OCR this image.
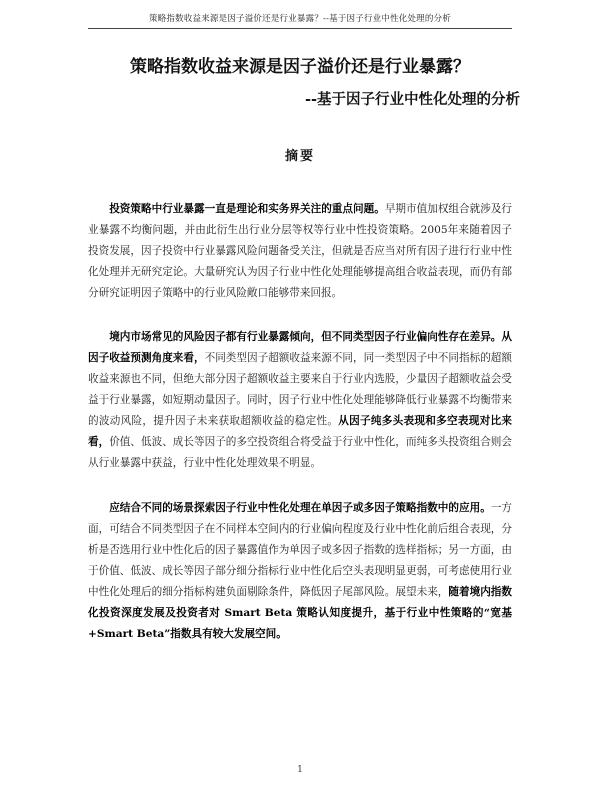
策略指数收益来源是因子溢价还是行业暴露？--基于因子行业中性化处理的分析
策略指数收益来源是因子溢价还是行业暴露？
--基于因子行业中性化处理的分析
摘要

投资策略中行业暴露一直是理论和实务界关注的重点问题。早期市值加权组合就涉及行业暴露不均衡问题，并由此衍生出行业分层等权等行业中性投资策略。2005年来随着因子投资发展，因子投资中行业暴露风险问题备受关注，但就是否应当对所有因子进行行业中性化处理并无研究定论。大量研究认为因子行业中性化处理能够提高组合收益表现，而仍有部分研究证明因子策略中的行业风险敞口能够带来回报。

境内市场常见的风险因子都有行业暴露倾向，但不同类型因子行业偏向性存在差异。从因子收益预测角度来看，不同类型因子超额收益来源不同，同一类型因子中不同指标的超额收益来源也不同，但绝大部分因子超额收益主要来自于行业内选股，少量因子超额收益会受益于行业暴露，如短期动量因子。同时，因子行业中性化处理能够降低行业暴露不均衡带来的波动风险，提升因子未来获取超额收益的稳定性。从因子纯多头表现和多空表现对比来看，价值、低波、成长等因子的多空投资组合将受益于行业中性化，而纯多头投资组合则会从行业暴露中获益，行业中性化处理效果不明显。

应结合不同的场景探索因子行业中性化处理在单因子或多因子策略指数中的应用。一方面，可结合不同类型因子在不同样本空间内的行业偏向程度及行业中性化前后组合表现，分析是否选用行业中性化后的因子暴露值作为单因子或多因子指数的选样指标；另一方面，由于价值、低波、成长等因子部分细分指标行业中性化后空头表现明显更弱，可考虑使用行业中性化处理后的细分指标构建负面剔除条件，降低因子尾部风险。展望未来，随着境内指数化投资深度发展及投资者对 Smart Beta 策略认知度提升，基于行业中性策略的“宽基+Smart Beta”指数具有较大发展空间。

1
